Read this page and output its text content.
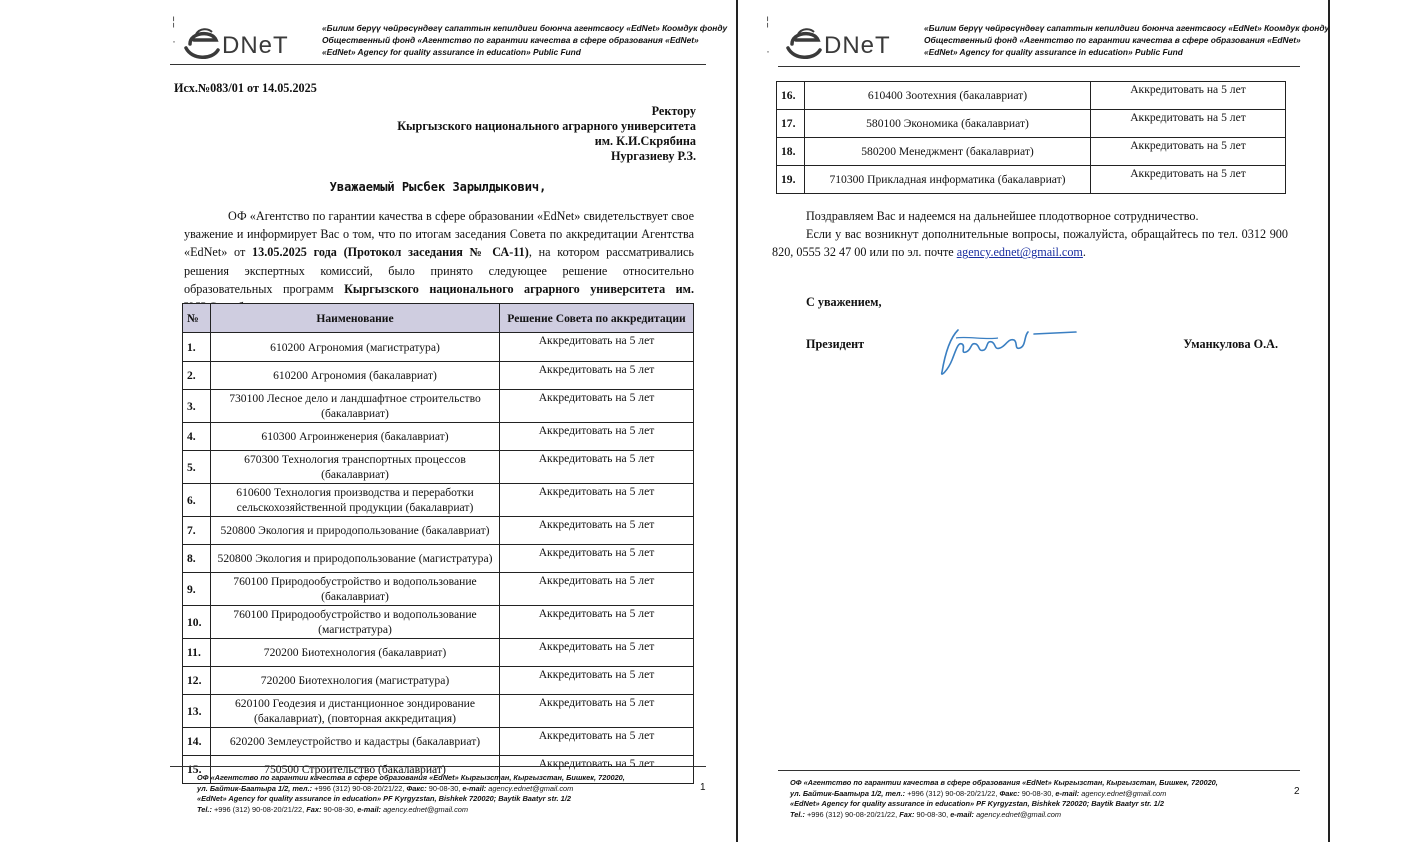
¦
· DNeT
«Билим берүү чөйрөсүндөгү сапаттын кепилдиги боюнча агентсвосу «EdNet» Коомдук фонду
Общественный фонд «Агентство по гарантии качества в сфере образования «EdNet»
«EdNet» Agency for quality assurance in education» Public Fund
Исх.№083/01 от 14.05.2025
Ректору
Кыргызского национального аграрного университета
им. К.И.Скрябина
Нургазиеву Р.З.
Уважаемый Рысбек Зарылдыкович,

ОФ «Агентство по гарантии качества в сфере образовании «EdNet» свидетельствует свое уважение и информирует Вас о том, что по итогам заседания Совета по аккредитации Агентства «EdNet» от 13.05.2025 года (Протокол заседания № СА-11), на котором рассматривались решения экспертных комиссий, было принято следующее решение относительно образовательных программ Кыргызского национального аграрного университета им.

№	Наименование	Решение Совета по аккредитации
1.	610200 Агрономия (магистратура)	Аккредитовать на 5 лет
2.	610200 Агрономия (бакалавриат)	Аккредитовать на 5 лет
3.	730100 Лесное дело и ландшафтное строительство (бакалавриат)	Аккредитовать на 5 лет
4.	610300 Агроинженерия (бакалавриат)	Аккредитовать на 5 лет
5.	670300 Технология транспортных процессов (бакалавриат)	Аккредитовать на 5 лет
6.	610600 Технология производства и переработки сельскохозяйственной продукции (бакалавриат)	Аккредитовать на 5 лет
7.	520800 Экология и природопользование (бакалавриат)	Аккредитовать на 5 лет
8.	520800 Экология и природопользование (магистратура)	Аккредитовать на 5 лет
9.	760100 Природообустройство и водопользование (бакалавриат)	Аккредитовать на 5 лет
10.	760100 Природообустройство и водопользование (магистратура)	Аккредитовать на 5 лет
11.	720200 Биотехнология (бакалавриат)	Аккредитовать на 5 лет
12.	720200 Биотехнология (магистратура)	Аккредитовать на 5 лет
13.	620100 Геодезия и дистанционное зондирование (бакалавриат), (повторная аккредитация)	Аккредитовать на 5 лет
14.	620200 Землеустройство и кадастры (бакалавриат)	Аккредитовать на 5 лет
15.	750500 Строительство (бакалавриат)	Аккредитовать на 5 лет
ОФ «Агентство по гарантии качества в сфере образования «EdNet» Кыргызстан, Кыргызстан, Бишкек, 720020,
ул. Байтик-Баатыра 1/2, тел.: +996 (312) 90-08-20/21/22, Факс: 90-08-30, e-mail: agency.ednet@gmail.com
«EdNet» Agency for quality assurance in education» PF Kyrgyzstan, Bishkek 720020; Baytik Baatyr str. 1/2
Tel.: +996 (312) 90-08-20/21/22, Fax: 90-08-30, e-mail: agency.ednet@gmail.com
1
¦
· DNeT
«Билим берүү чөйрөсүндөгү сапаттын кепилдиги боюнча агентсвосу «EdNet» Коомдук фонду
Общественный фонд «Агентство по гарантии качества в сфере образования «EdNet»
«EdNet» Agency for quality assurance in education» Public Fund
16.	610400 Зоотехния (бакалавриат)	Аккредитовать на 5 лет
17.	580100 Экономика (бакалавриат)	Аккредитовать на 5 лет
18.	580200 Менеджмент (бакалавриат)	Аккредитовать на 5 лет
19.	710300 Прикладная информатика (бакалавриат)	Аккредитовать на 5 лет

Поздравляем Вас и надеемся на дальнейшее плодотворное сотрудничество.

Если у вас возникнут дополнительные вопросы, пожалуйста, обращайтесь по тел. 0312 900 820, 0555 32 47 00 или по эл. почте agency.ednet@gmail.com.

С уважением,
Президент	Уманкулова О.А.
ОФ «Агентство по гарантии качества в сфере образования «EdNet» Кыргызстан, Кыргызстан, Бишкек, 720020,
ул. Байтик-Баатыра 1/2, тел.: +996 (312) 90-08-20/21/22, Факс: 90-08-30, e-mail: agency.ednet@gmail.com
«EdNet» Agency for quality assurance in education» PF Kyrgyzstan, Bishkek 720020; Baytik Baatyr str. 1/2
Tel.: +996 (312) 90-08-20/21/22, Fax: 90-08-30, e-mail: agency.ednet@gmail.com
2
